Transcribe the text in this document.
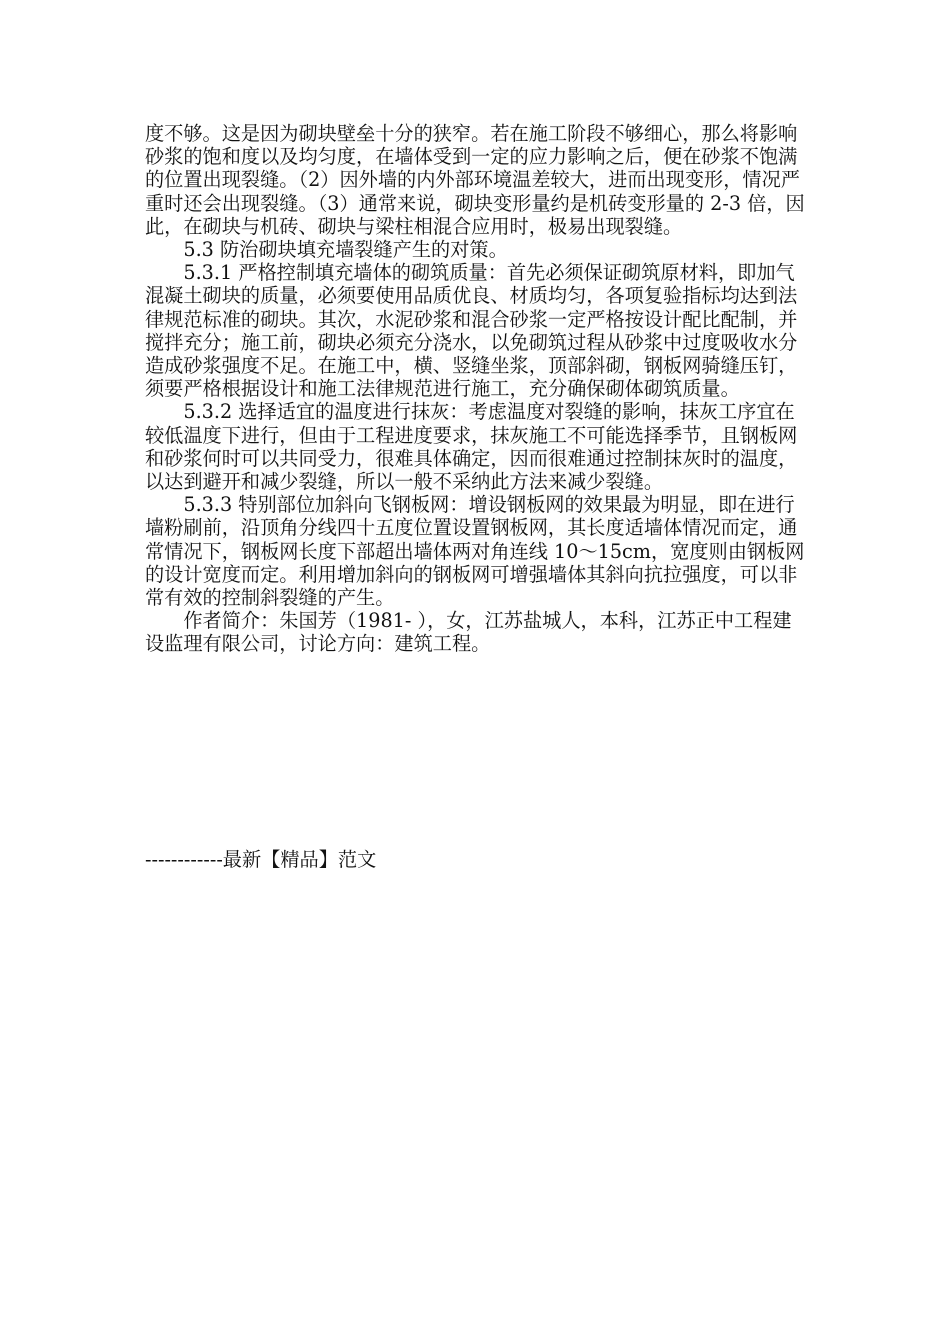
度不够。这是因为砌块壁垒十分的狭窄。若在施工阶段不够细心，那么将影响砂浆的饱和度以及均匀度，在墙体受到一定的应力影响之后，便在砂浆不饱满的位置出现裂缝。（2）因外墙的内外部环境温差较大，进而出现变形，情况严重时还会出现裂缝。（3）通常来说，砌块变形量约是机砖变形量的 2-3 倍，因此，在砌块与机砖、砌块与梁柱相混合应用时，极易出现裂缝。

　　5.3 防治砌块填充墙裂缝产生的对策。

　　5.3.1 严格控制填充墙体的砌筑质量：首先必须保证砌筑原材料，即加气混凝土砌块的质量，必须要使用品质优良、材质均匀，各项复验指标均达到法律规范标准的砌块。其次，水泥砂浆和混合砂浆一定严格按设计配比配制，并搅拌充分；施工前，砌块必须充分浇水，以免砌筑过程从砂浆中过度吸收水分造成砂浆强度不足。在施工中，横、竖缝坐浆，顶部斜砌，钢板网骑缝压钉，须要严格根据设计和施工法律规范进行施工，充分确保砌体砌筑质量。

　　5.3.2 选择适宜的温度进行抹灰：考虑温度对裂缝的影响，抹灰工序宜在较低温度下进行，但由于工程进度要求，抹灰施工不可能选择季节，且钢板网和砂浆何时可以共同受力，很难具体确定，因而很难通过控制抹灰时的温度，以达到避开和减少裂缝，所以一般不采纳此方法来减少裂缝。

　　5.3.3 特别部位加斜向飞钢板网：增设钢板网的效果最为明显，即在进行墙粉刷前，沿顶角分线四十五度位置设置钢板网，其长度适墙体情况而定，通常情况下，钢板网长度下部超出墙体两对角连线 10～15cm，宽度则由钢板网的设计宽度而定。利用增加斜向的钢板网可增强墙体其斜向抗拉强度，可以非常有效的控制斜裂缝的产生。

　　作者简介：朱国芳（1981- ），女，江苏盐城人，本科，江苏正中工程建设监理有限公司，讨论方向：建筑工程。

------------最新【精品】范文
